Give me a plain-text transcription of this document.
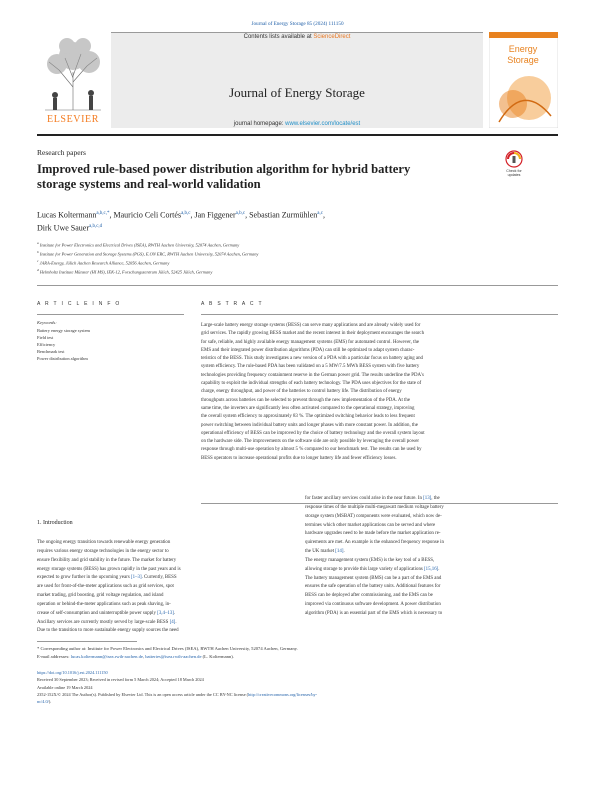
Journal of Energy Storage 85 (2024) 111150
ELSEVIER
Contents lists available at ScienceDirect
Journal of Energy Storage
journal homepage: www.elsevier.com/locate/est
Energy
Storage
Research papers
Improved rule-based power distribution algorithm for hybrid battery
storage systems and real-world validation
Check for
updates
Lucas Koltermann$^{a,b,c,*}$, Mauricio Celi Cortés$^{a,b,c}$, Jan Figgener$^{a,b,c}$, Sebastian Zurmühlen$^{a,c}$,
Dirk Uwe Sauer$^{a,b,c,d}$
$^a$ Institute for Power Electronics and Electrical Drives (ISEA), RWTH Aachen University, 52074 Aachen, Germany
$^b$ Institute for Power Generation and Storage Systems (PGS), E.ON ERC, RWTH Aachen University, 52074 Aachen, Germany
$^c$ JARA-Energy, Jülich Aachen Research Alliance, 52056 Aachen, Germany
$^d$ Helmholtz Institute Münster (HI MS), IEK-12, Forschungszentrum Jülich, 52425 Jülich, Germany
A R T I C L E I N F O	A B S T R A C T
Keywords:
Battery energy storage system
Field test
Efficiency
Benchmark test
Power distribution algorithm
Large-scale battery energy storage systems (BESS) can serve many applications and are already widely used for
grid services. The rapidly growing BESS market and the recent interest in their deployment encourages the search
for safe, reliable, and highly available energy management systems (EMS) for automated control. However, the
EMS and their integrated power distribution algorithms (PDA) can still be optimized to adapt system charac-
teristics of the BESS. This study investigates a new version of a PDA with a particular focus on battery aging and
system efficiency. The rule-based PDA has been validated on a 5 MW/7.5 MWh BESS system with five battery
technologies providing frequency containment reserve in the German power grid. The results underline the PDA's
capability to exploit the individual strengths of each battery technology. The PDA uses objectives for the state of
charge, energy throughput, and power of the batteries to control battery life. The distribution of energy
throughputs across batteries can be selected to prevent through the new implementation of the PDA. At the
same time, the inverters are significantly less often activated compared to the operational strategy, improving
the overall system efficiency to approximately 83 %. The optimized switching behavior leads to less frequent
power switching between individual battery units and longer phases with more constant power. In addition, the
operational efficiency of BESS can be improved by the choice of battery technology and the overall system layout
on the hardware side. The improvements on the software side are only possible by leveraging the overall power
response through multi-use operation by almost 5 % compared to our benchmark test. The results can be used by
BESS operators to increase operational profits due to longer battery life and fewer efficiency losses.
1. Introduction
The ongoing energy transition towards renewable energy generation
requires various energy storage technologies in the energy sector to
ensure flexibility and grid stability in the future. The market for battery
energy storage systems (BESS) has grown rapidly in the past years and is
expected to grow further in the upcoming years [1–3]. Currently, BESS
are used for front-of-the-meter applications such as grid services, spot
market trading, grid boosting, grid voltage regulation, and island
operation or behind-the-meter applications such as peak shaving, in-
crease of self-consumption and uninterruptible power supply [3,4–13].
Ancillary services are currently mostly served by large-scale BESS [4].
Due to the transition to more sustainable energy supply sources the need
for faster ancillary services could arise in the near future. In [13], the
response times of the multiple multi-megawatt medium voltage battery
storage system (MSBAT) components were evaluated, which now de-
termines which other market applications can be served and where
hardware upgrades need to be made before the market application re-
quirements are met. An example is the enhanced frequency response in
the UK market [14].
The energy management system (EMS) is the key tool of a BESS,
allowing storage to provide this large variety of applications [15,16].
The battery management system (BMS) can be a part of the EMS and
ensures the safe operation of the battery units. Additional features for
BESS can be deployed after commissioning, and the EMS can be
improved via continuous software development. A power distribution
algorithm (PDA) is an essential part of the EMS which is necessary to
* Corresponding author at: Institute for Power Electronics and Electrical Drives (ISEA), RWTH Aachen University, 52074 Aachen, Germany.
E-mail addresses: lucas.koltermann@isea.rwth-aachen.de, batteries@isea.rwth-aachen.de (L. Koltermann).
https://doi.org/10.1016/j.est.2024.111150
Received 30 September 2023; Received in revised form 5 March 2024; Accepted 18 March 2024
Available online 19 March 2024
2352-152X/© 2024 The Author(s). Published by Elsevier Ltd. This is an open access article under the CC BY-NC license (http://creativecommons.org/licenses/by-
nc/4.0/).
